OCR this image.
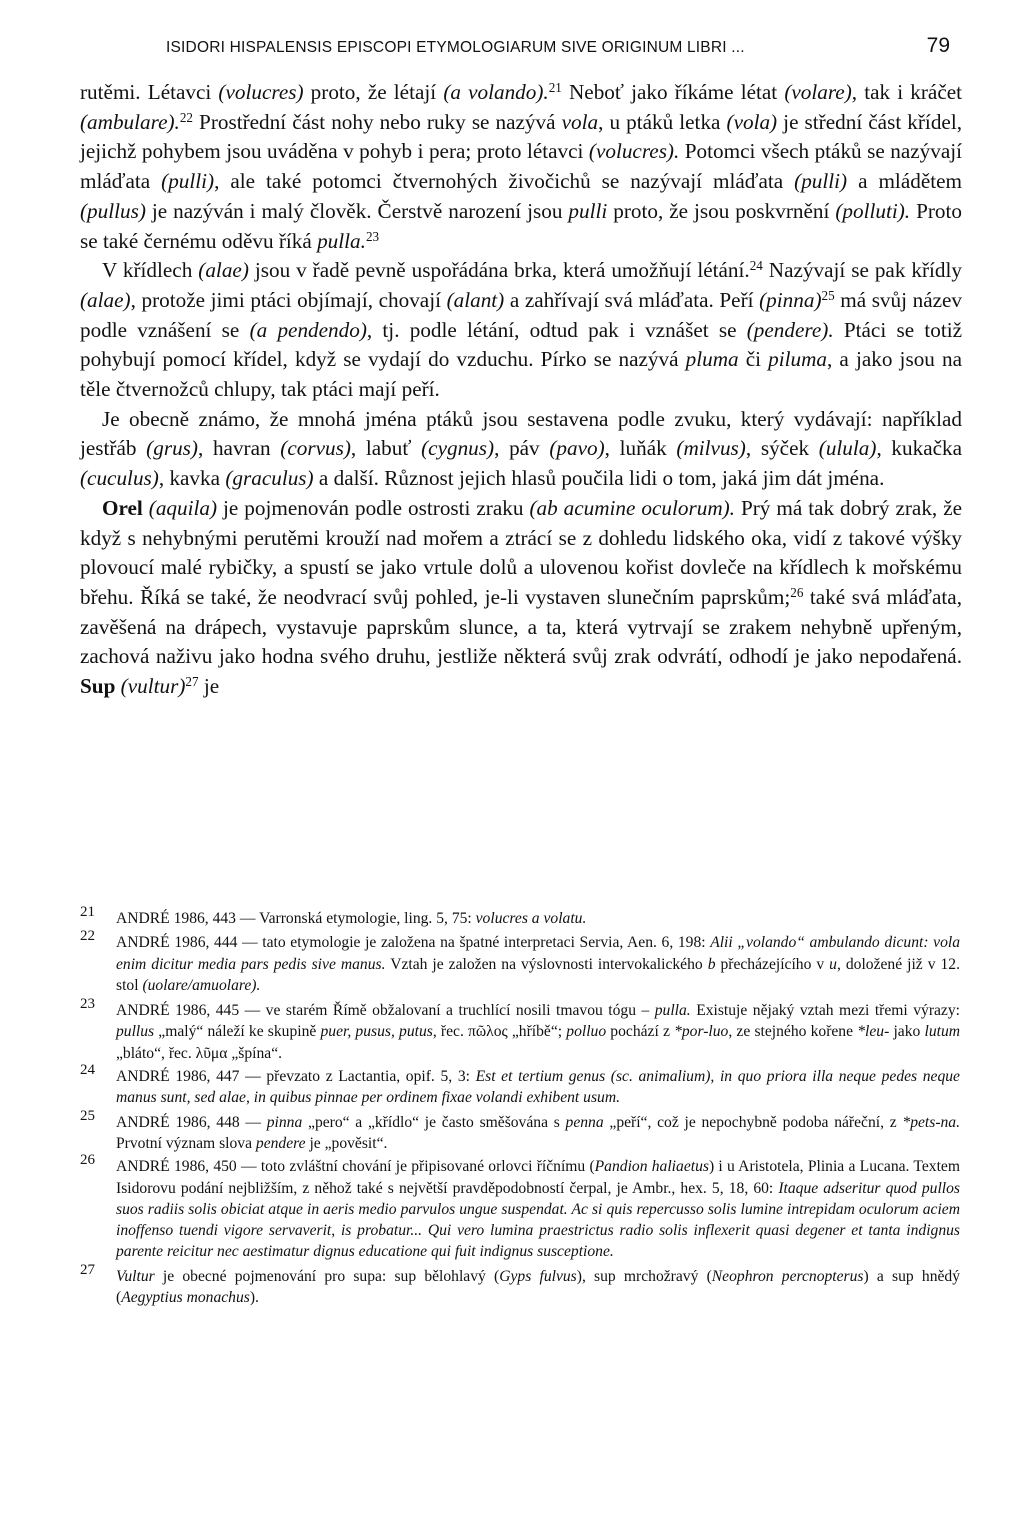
ISIDORI HISPALENSIS EPISCOPI ETYMOLOGIARUM SIVE ORIGINUM LIBRI ...	79

rutěmi. Létavci (volucres) proto, že létají (a volando).$^{21}$ Neboť jako říkáme létat (volare), tak i kráčet (ambulare).$^{22}$ Prostřední část nohy nebo ruky se nazývá vola, u ptáků letka (vola) je střední část křídel, jejichž pohybem jsou uváděna v pohyb i pera; proto létavci (volucres). Potomci všech ptáků se nazývají mláďata (pulli), ale také potomci čtvernohých živočichů se nazývají mláďata (pulli) a mládětem (pullus) je nazýván i malý člověk. Čerstvě narození jsou pulli proto, že jsou poskvrnění (polluti). Proto se také černému oděvu říká pulla.$^{23}$

V křídlech (alae) jsou v řadě pevně uspořádána brka, která umožňují létání.$^{24}$ Nazývají se pak křídly (alae), protože jimi ptáci objímají, chovají (alant) a zahřívají svá mláďata. Peří (pinna)$^{25}$ má svůj název podle vznášení se (a pendendo), tj. podle létání, odtud pak i vznášet se (pendere). Ptáci se totiž pohybují pomocí křídel, když se vydají do vzduchu. Pírko se nazývá pluma či piluma, a jako jsou na těle čtvernožců chlupy, tak ptáci mají peří.

Je obecně známo, že mnohá jména ptáků jsou sestavena podle zvuku, který vydávají: například jestřáb (grus), havran (corvus), labuť (cygnus), páv (pavo), luňák (milvus), sýček (ulula), kukačka (cuculus), kavka (graculus) a další. Různost jejich hlasů poučila lidi o tom, jaká jim dát jména.

Orel (aquila) je pojmenován podle ostrosti zraku (ab acumine oculorum). Prý má tak dobrý zrak, že když s nehybnými perutěmi krouží nad mořem a ztrácí se z dohledu lidského oka, vidí z takové výšky plovoucí malé rybičky, a spustí se jako vrtule dolů a ulovenou kořist dovleče na křídlech k mořskému břehu. Říká se také, že neodvrací svůj pohled, je-li vystaven slunečním paprskům;$^{26}$ také svá mláďata, zavěšená na drápech, vystavuje paprskům slunce, a ta, která vytrvají se zrakem nehybně upřeným, zachová naživu jako hodna svého druhu, jestliže některá svůj zrak odvrátí, odhodí je jako nepodařená. Sup (vultur)$^{27}$ je

21	ANDRÉ 1986, 443 — Varronská etymologie, ling. 5, 75: volucres a volatu.
22	ANDRÉ 1986, 444 — tato etymologie je založena na špatné interpretaci Servia, Aen. 6, 198: Alii „volando“ ambulando dicunt: vola enim dicitur media pars pedis sive manus. Vztah je založen na výslovnosti intervokalického b přecházejícího v u, doložené již v 12. stol (uolare/amuolare).
23	ANDRÉ 1986, 445 — ve starém Římě obžalovaní a truchlící nosili tmavou tógu – pulla. Existuje nějaký vztah mezi třemi výrazy: pullus „malý“ náleží ke skupině puer, pusus, putus, řec. πῶλος „hříbě“; polluo pochází z *por-luo, ze stejného kořene *leu- jako lutum „bláto“, řec. λῦμα „špína“.
24	ANDRÉ 1986, 447 — převzato z Lactantia, opif. 5, 3: Est et tertium genus (sc. animalium), in quo priora illa neque pedes neque manus sunt, sed alae, in quibus pinnae per ordinem fixae volandi exhibent usum.
25	ANDRÉ 1986, 448 — pinna „pero“ a „křídlo“ je často směšována s penna „peří“, což je nepochybně podoba nářeční, z *pets-na. Prvotní význam slova pendere je „pověsit“.
26	ANDRÉ 1986, 450 — toto zvláštní chování je připisované orlovci říčnímu (Pandion haliaetus) i u Aristotela, Plinia a Lucana. Textem Isidorovu podání nejbližším, z něhož také s největší pravděpodobností čerpal, je Ambr., hex. 5, 18, 60: Itaque adseritur quod pullos suos radiis solis obiciat atque in aeris medio parvulos ungue suspendat. Ac si quis repercusso solis lumine intrepidam oculorum aciem inoffenso tuendi vigore servaverit, is probatur... Qui vero lumina praestrictus radio solis inflexerit quasi degener et tanta indignus parente reicitur nec aestimatur dignus educatione qui fuit indignus susceptione.
27	Vultur je obecné pojmenování pro supa: sup bělohlavý (Gyps fulvus), sup mrchožravý (Neophron percnopterus) a sup hnědý (Aegyptius monachus).
